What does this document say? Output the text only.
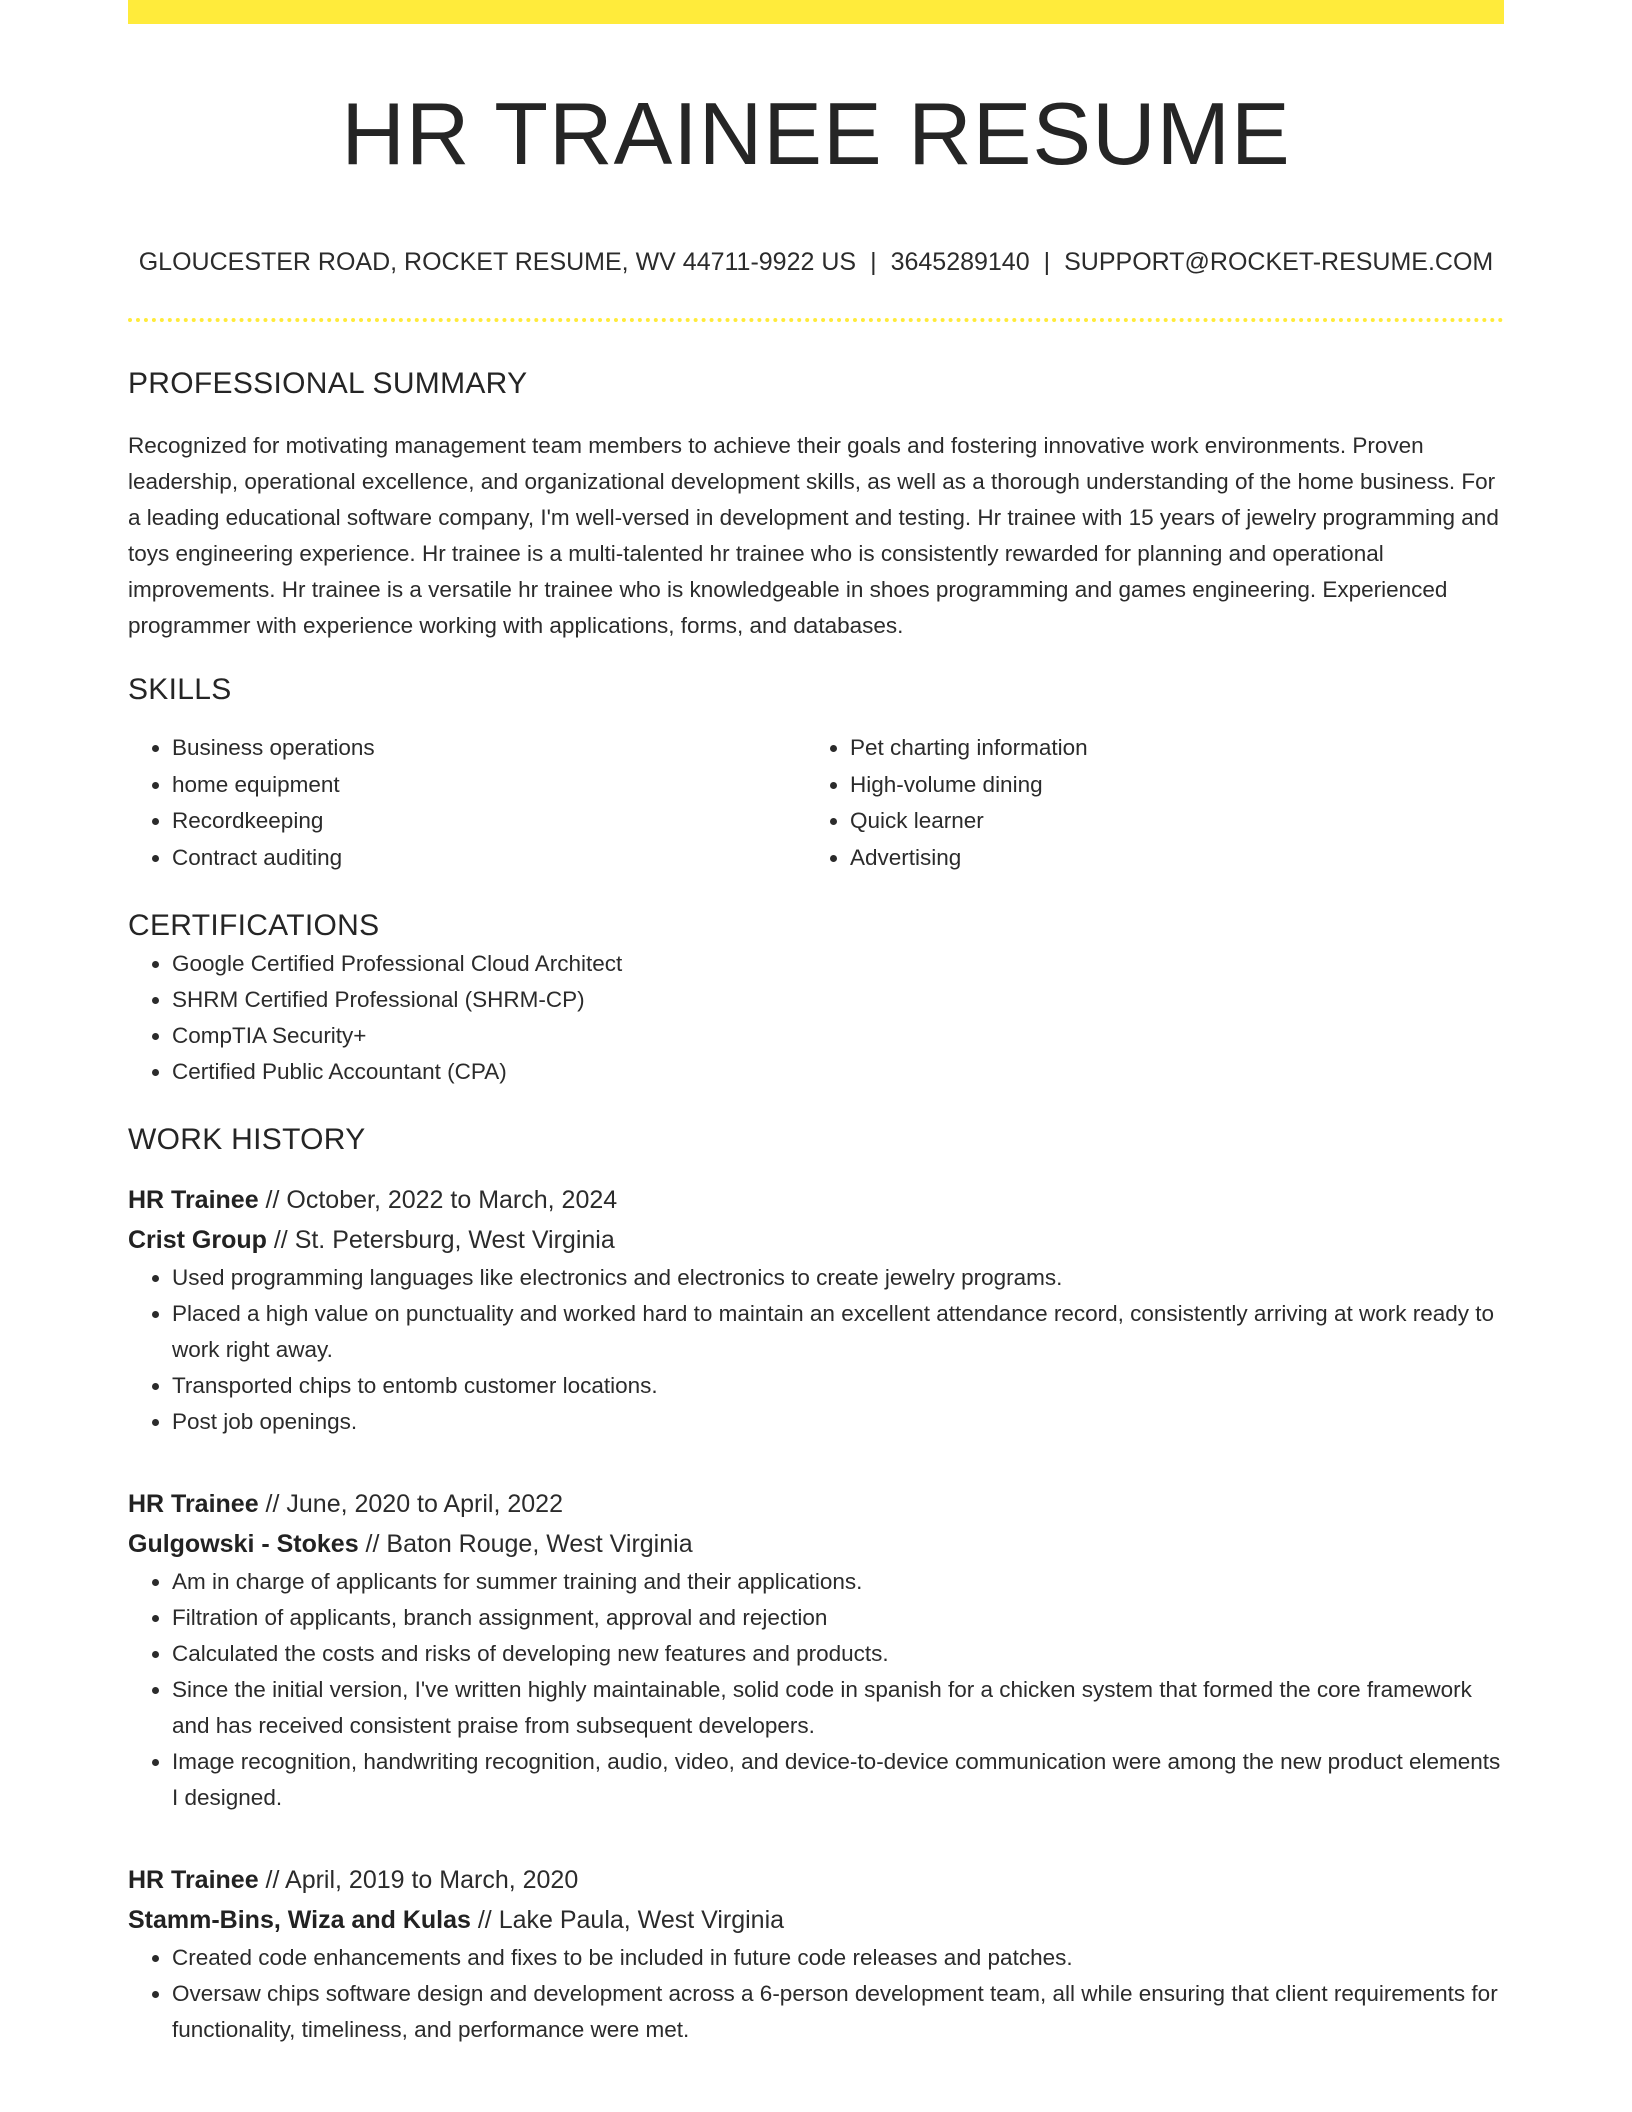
HR TRAINEE RESUME
GLOUCESTER ROAD, ROCKET RESUME, WV 44711-9922 US | 3645289140 | SUPPORT@ROCKET-RESUME.COM
PROFESSIONAL SUMMARY

Recognized for motivating management team members to achieve their goals and fostering innovative work environments. Proven leadership, operational excellence, and organizational development skills, as well as a thorough understanding of the home business. For a leading educational software company, I'm well-versed in development and testing. Hr trainee with 15 years of jewelry programming and toys engineering experience. Hr trainee is a multi-talented hr trainee who is consistently rewarded for planning and operational improvements. Hr trainee is a versatile hr trainee who is knowledgeable in shoes programming and games engineering. Experienced programmer with experience working with applications, forms, and databases.

SKILLS
• Business operations
• home equipment
• Recordkeeping
• Contract auditing
• Pet charting information
• High-volume dining
• Quick learner
• Advertising
CERTIFICATIONS
• Google Certified Professional Cloud Architect
• SHRM Certified Professional (SHRM-CP)
• CompTIA Security+
• Certified Public Accountant (CPA)
WORK HISTORY
HR Trainee // October, 2022 to March, 2024
Crist Group // St. Petersburg, West Virginia
• Used programming languages like electronics and electronics to create jewelry programs.
• Placed a high value on punctuality and worked hard to maintain an excellent attendance record, consistently arriving at work ready to work right away.
• Transported chips to entomb customer locations.
• Post job openings.
HR Trainee // June, 2020 to April, 2022
Gulgowski - Stokes // Baton Rouge, West Virginia
• Am in charge of applicants for summer training and their applications.
• Filtration of applicants, branch assignment, approval and rejection
• Calculated the costs and risks of developing new features and products.
• Since the initial version, I've written highly maintainable, solid code in spanish for a chicken system that formed the core framework and has received consistent praise from subsequent developers.
• Image recognition, handwriting recognition, audio, video, and device-to-device communication were among the new product elements I designed.
HR Trainee // April, 2019 to March, 2020
Stamm-Bins, Wiza and Kulas // Lake Paula, West Virginia
• Created code enhancements and fixes to be included in future code releases and patches.
• Oversaw chips software design and development across a 6-person development team, all while ensuring that client requirements for functionality, timeliness, and performance were met.
